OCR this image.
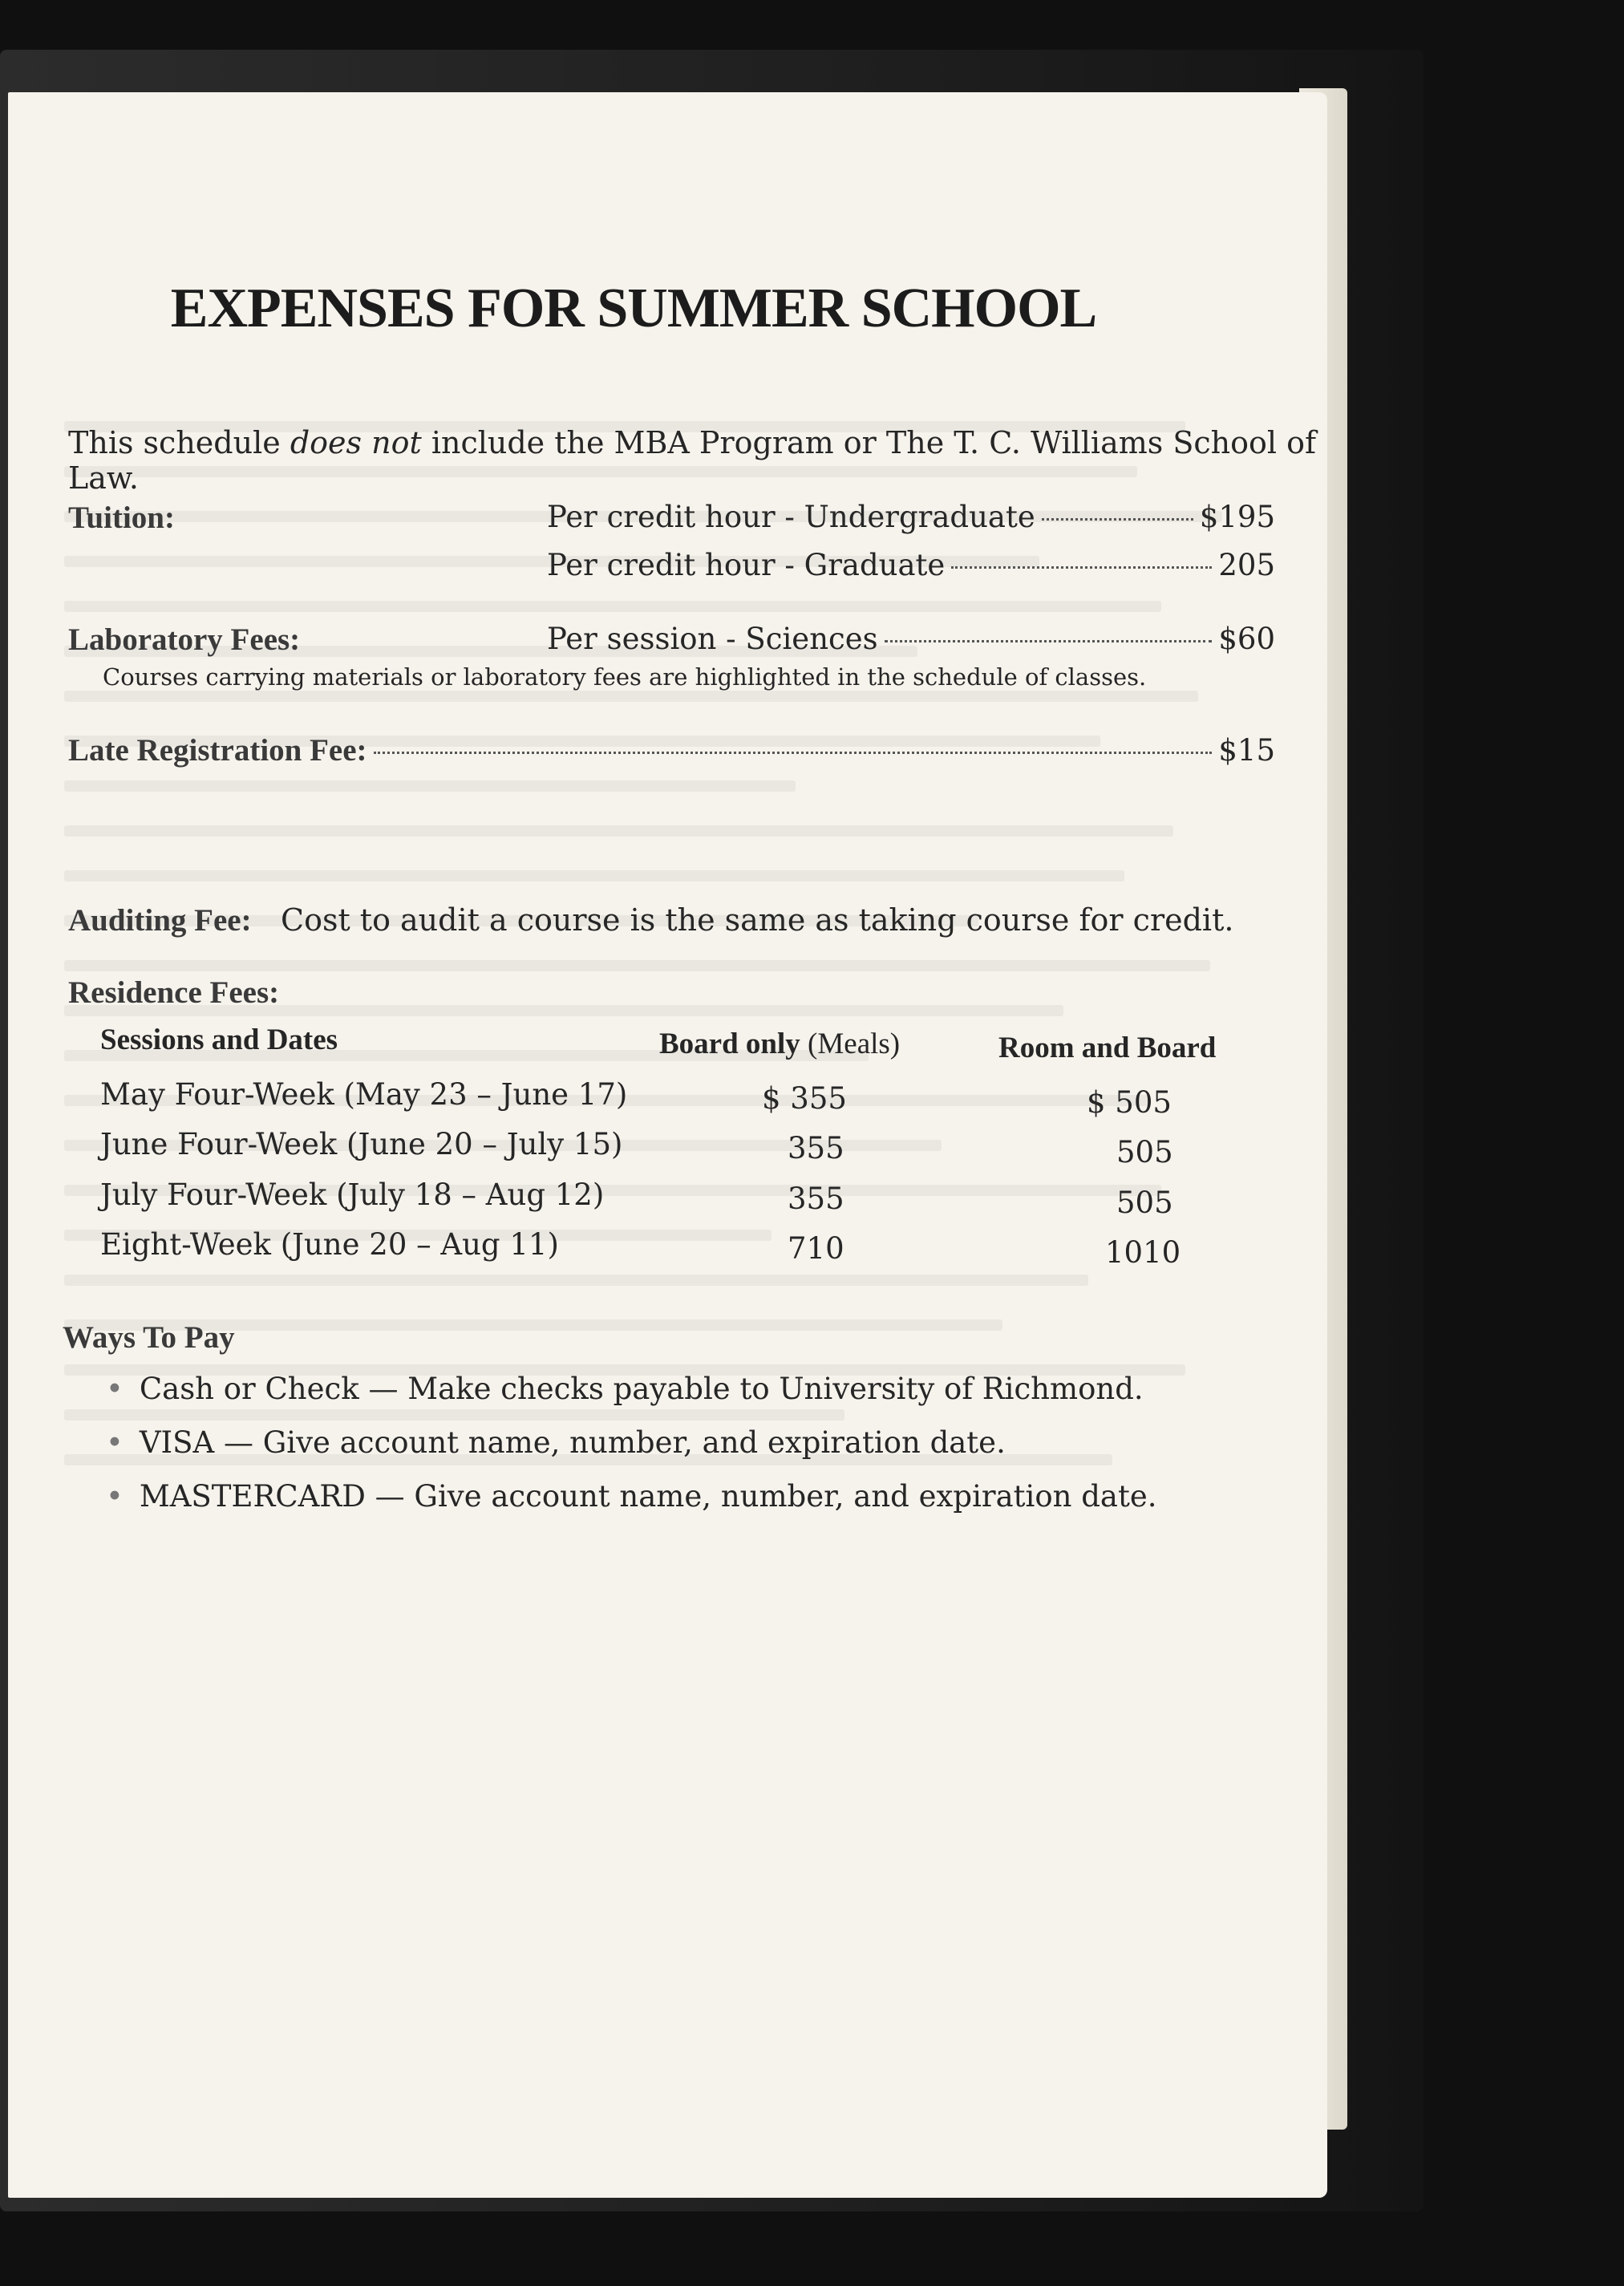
EXPENSES FOR SUMMER SCHOOL
This schedule does not include the MBA Program or The T. C. Williams School of Law.
Tuition:	Per credit hour - Undergraduate	$195
Per credit hour - Graduate	205
Laboratory Fees:	Per session - Sciences	$60
Courses carrying materials or laboratory fees are highlighted in the schedule of classes.
Late Registration Fee:	$15
Auditing Fee: Cost to audit a course is the same as taking course for credit.
Residence Fees:
Sessions and Dates	Board only (Meals)	Room and Board
May Four-Week (May 23 – June 17)	$ 355	$ 505
June Four-Week (June 20 – July 15)	355	505
July Four-Week (July 18 – Aug 12)	355	505
Eight-Week (June 20 – Aug 11)	710	1010
Ways To Pay
• Cash or Check — Make checks payable to University of Richmond.
• VISA — Give account name, number, and expiration date.
• MASTERCARD — Give account name, number, and expiration date.
